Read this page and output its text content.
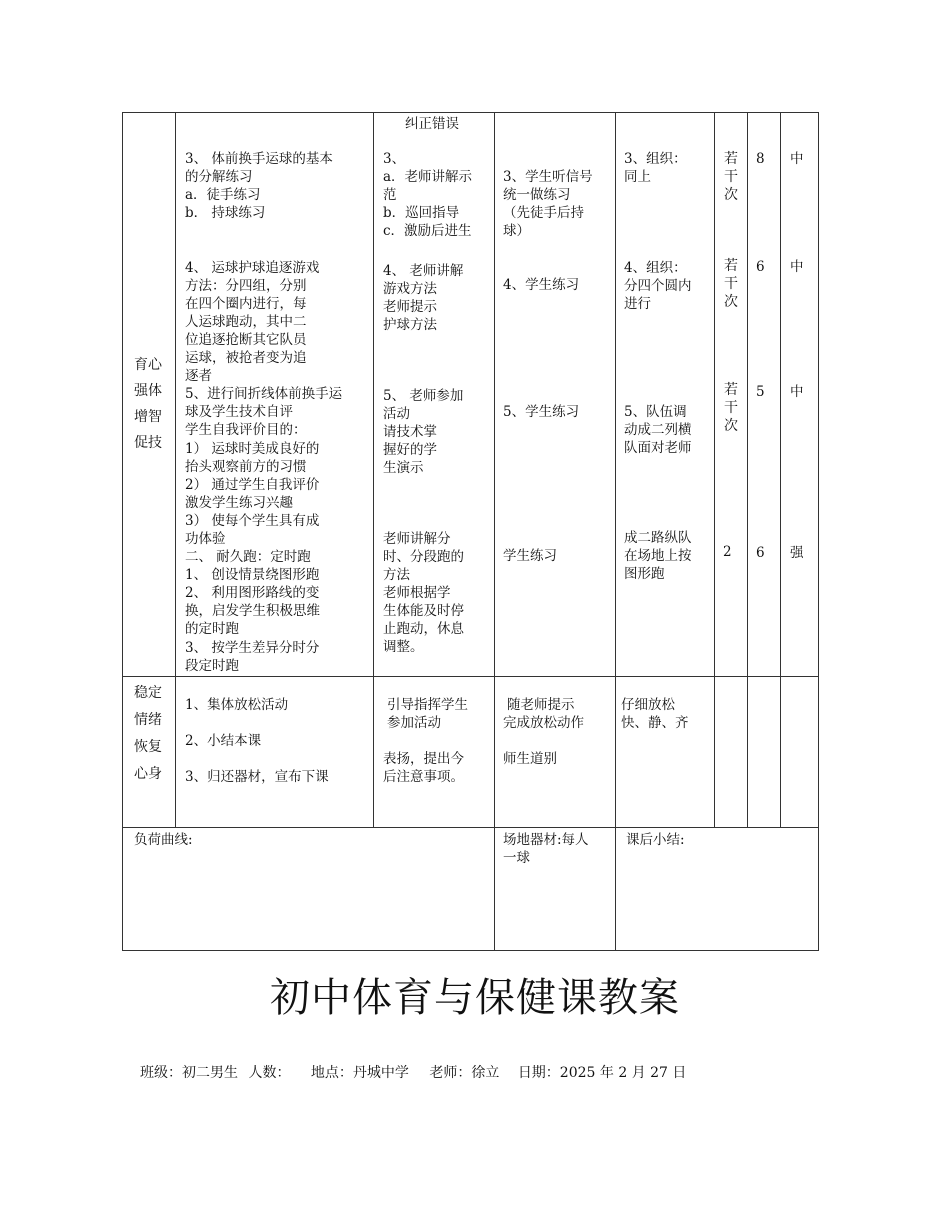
育心

强体

增智

促技

3、 体前换手运球的基本

的分解练习

a．徒手练习

b． 持球练习

4、 运球护球追逐游戏

方法：分四组，分别

在四个圈内进行，每

人运球跑动，其中二

位追逐抢断其它队员

运球，被抢者变为追

逐者

5、进行间折线体前换手运

球及学生技术自评

学生自我评价目的：

1） 运球时美成良好的

抬头观察前方的习惯

2） 通过学生自我评价

激发学生练习兴趣

3） 使每个学生具有成

功体验

二、 耐久跑：定时跑

1、 创设情景绕图形跑

2、 利用图形路线的变

换，启发学生积极思维

的定时跑

3、 按学生差异分时分

段定时跑

纠正错误

3、

a．老师讲解示

范

b．巡回指导

c．激励后进生

4、 老师讲解

游戏方法

老师提示

护球方法

5、 老师参加

活动

请技术掌

握好的学

生演示

老师讲解分

时、分段跑的

方法

老师根据学

生体能及时停

止跑动，休息

调整。

3、学生听信号

统一做练习

（先徒手后持

球）

4、学生练习

5、学生练习

学生练习

3、组织：

同上

4、组织：

分四个圆内

进行

5、队伍调

动成二列横

队面对老师

成二路纵队

在场地上按

图形跑

若干次
若干次
若干次
2
8
6
5
6
中
中
中
强

稳定

情绪

恢复

心身

1、集体放松活动

2、小结本课

3、归还器材，宣布下课

引导指挥学生

参加活动

表扬，提出今

后注意事项。

随老师提示

完成放松动作

师生道别

仔细放松

快、静、齐

负荷曲线:	场地器材:每人

一球

课后小结:
初中体育与保健课教案
班级：初二男生 人数： 地点：丹城中学 老师：徐立 日期：2025 年 2 月 27 日
